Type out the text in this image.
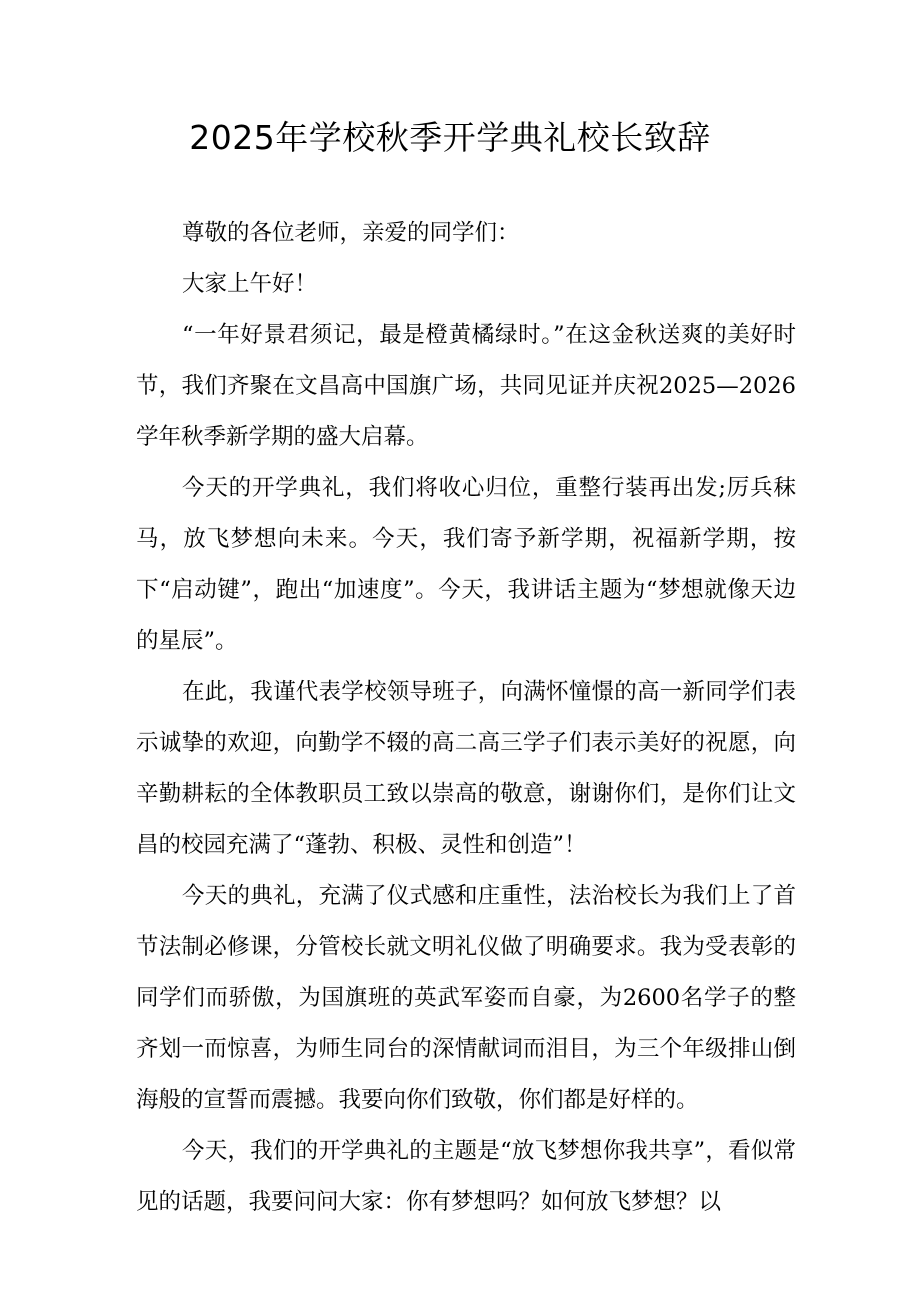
2025年学校秋季开学典礼校长致辞

尊敬的各位老师，亲爱的同学们：

大家上午好！

“一年好景君须记，最是橙黄橘绿时。”在这金秋送爽的美好时节，我们齐聚在文昌高中国旗广场，共同见证并庆祝2025—2026学年秋季新学期的盛大启幕。

今天的开学典礼，我们将收心归位，重整行装再出发;厉兵秣马，放飞梦想向未来。今天，我们寄予新学期，祝福新学期，按下“启动键”，跑出“加速度”。今天，我讲话主题为“梦想就像天边的星辰”。

在此，我谨代表学校领导班子，向满怀憧憬的高一新同学们表示诚挚的欢迎，向勤学不辍的高二高三学子们表示美好的祝愿，向辛勤耕耘的全体教职员工致以崇高的敬意，谢谢你们，是你们让文昌的校园充满了“蓬勃、积极、灵性和创造”！

今天的典礼，充满了仪式感和庄重性，法治校长为我们上了首节法制必修课，分管校长就文明礼仪做了明确要求。我为受表彰的同学们而骄傲，为国旗班的英武军姿而自豪，为2600名学子的整齐划一而惊喜，为师生同台的深情献词而泪目，为三个年级排山倒海般的宣誓而震撼。我要向你们致敬，你们都是好样的。

今天，我们的开学典礼的主题是“放飞梦想你我共享”，看似常见的话题，我要问问大家：你有梦想吗？如何放飞梦想？以
